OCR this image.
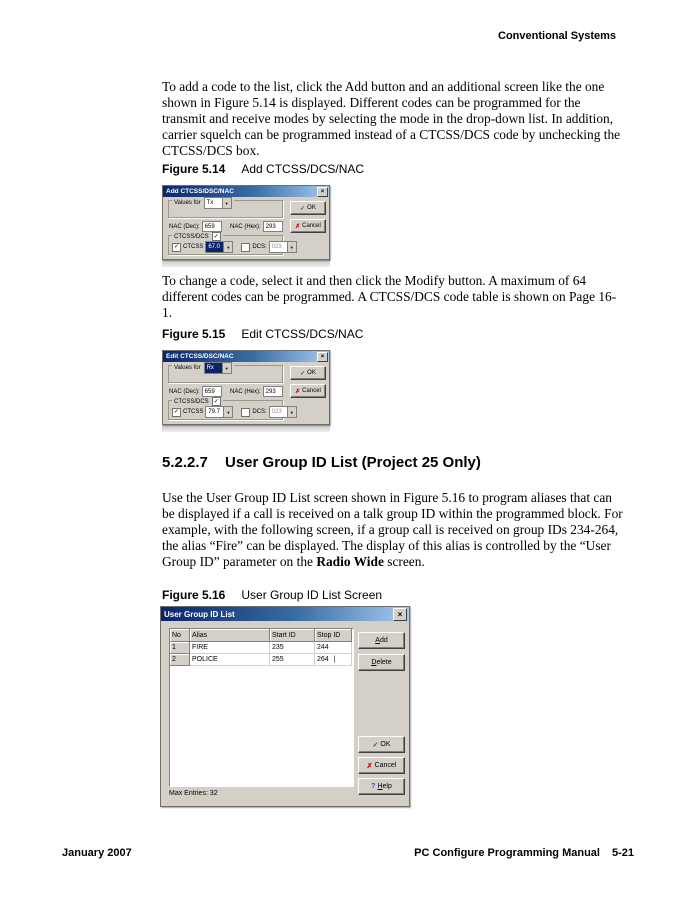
Conventional Systems
To add a code to the list, click the Add button and an additional screen like the one shown in Figure 5.14 is displayed. Different codes can be programmed for the transmit and receive modes by selecting the mode in the drop-down list. In addition, carrier squelch can be programmed instead of a CTCSS/DCS code by unchecking the CTCSS/DCS box.
Figure 5.14 Add CTCSS/DCS/NAC
Add CTCSS/DSC/NAC	×
Values for	Tx	▼
NAC (Dec): 659	NAC (Hex): 293
CTCSS/DCS ✓
✓ CTCSS 67.0	▼	DCS: 023	▼
✓ OK
✗ Cancel
To change a code, select it and then click the Modify button. A maximum of 64 different codes can be programmed. A CTCSS/DCS code table is shown on Page 16-1.
Figure 5.15 Edit CTCSS/DCS/NAC
Edit CTCSS/DSC/NAC	×
Values for	Rx	▼
NAC (Dec): 659	NAC (Hex): 293
CTCSS/DCS ✓
✓ CTCSS 79.7	▼	DCS: 023	▼
✓ OK
✗ Cancel
5.2.2.7 User Group ID List (Project 25 Only)
Use the User Group ID List screen shown in Figure 5.16 to program aliases that can be displayed if a call is received on a talk group ID within the programmed block. For example, with the following screen, if a group call is received on group IDs 234-264, the alias “Fire” can be displayed. The display of this alias is controlled by the “User Group ID” parameter on the Radio Wide screen.
Figure 5.16 User Group ID List Screen
User Group ID List	×
No	Alias	Start ID	Stop ID
1	FIRE	235	244
2	POLICE	255	264 |
Add
Delete
✓ OK
✗ Cancel
? Help
Max Entries: 32
January 2007	PC Configure Programming Manual 5-21
